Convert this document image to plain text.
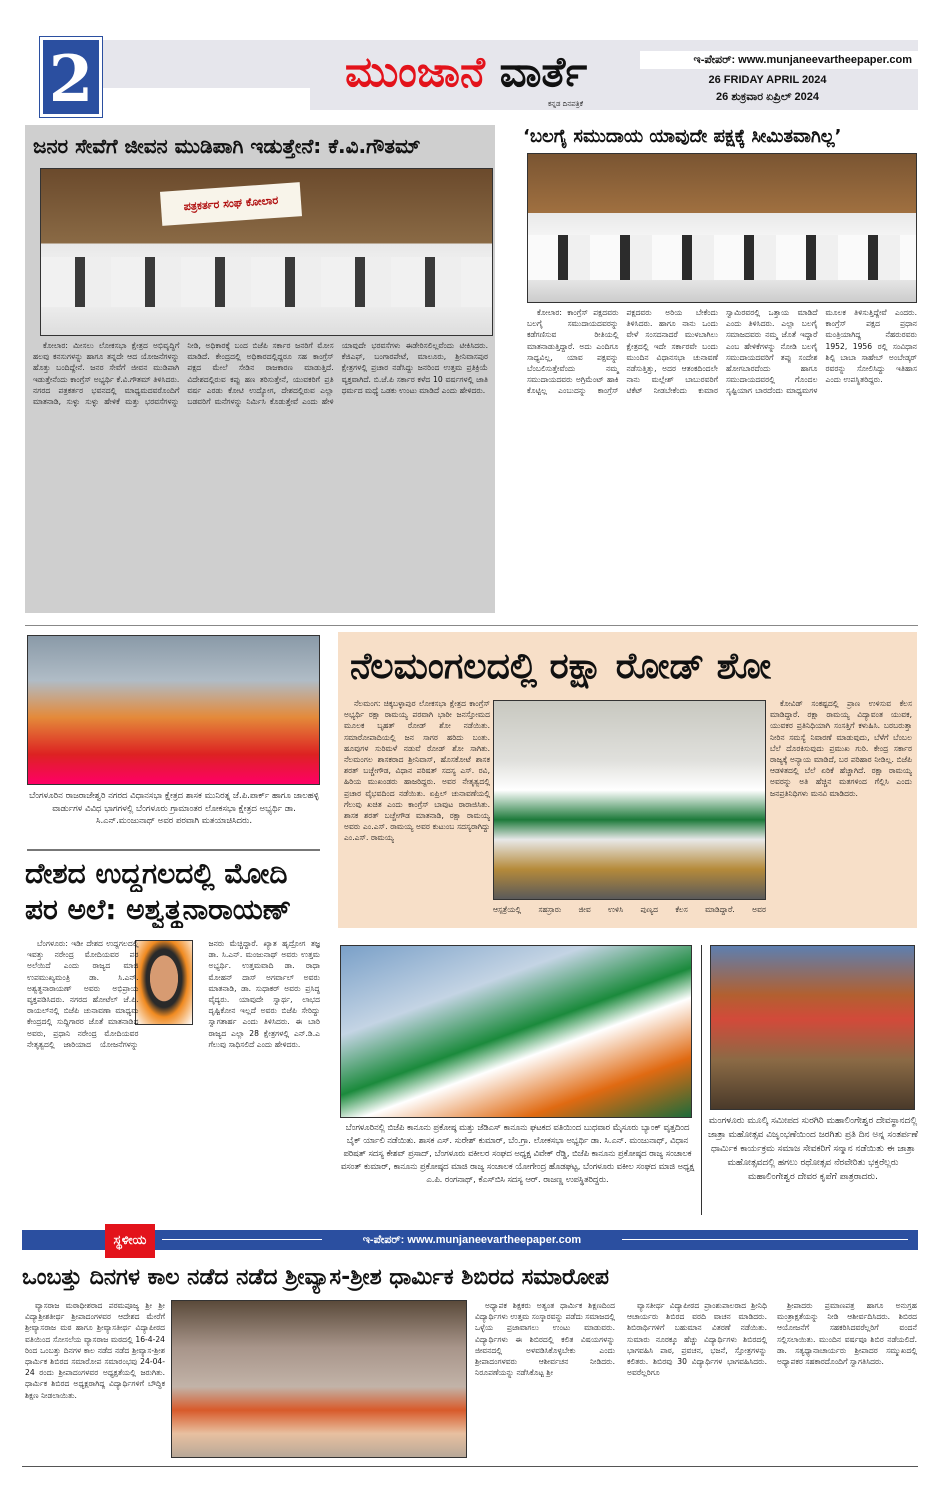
2	ಮುಂಜಾನೆ ವಾರ್ತೆ
ಕನ್ನಡ ದಿನಪತ್ರಿಕೆ
ಇ-ಪೇಪರ್: www.munjaneevartheepaper.com
26 FRIDAY APRIL 2024
26 ಶುಕ್ರವಾರ ಏಪ್ರಿಲ್ 2024
ಜನರ ಸೇವೆಗೆ ಜೀವನ ಮುಡಿಪಾಗಿ ಇಡುತ್ತೇನೆ: ಕೆ.ವಿ.ಗೌತಮ್
ಪತ್ರಕರ್ತರ ಸಂಘ ಕೋಲಾರ

ಕೋಲಾರ: ಮೀಸಲು ಲೋಕಸಭಾ ಕ್ಷೇತ್ರದ ಅಭಿವೃದ್ಧಿಗೆ ಹಲವು ಕನಸುಗಳನ್ನು ಹಾಗೂ ತನ್ನದೇ ಆದ ಯೋಜನೆಗಳನ್ನು ಹೊತ್ತು ಬಂದಿದ್ದೇನೆ. ಜನರ ಸೇವೆಗೆ ಜೀವನ ಮುಡಿಪಾಗಿ ಇಡುತ್ತೇನೆಂದು ಕಾಂಗ್ರೆಸ್ ಅಭ್ಯರ್ಥಿ ಕೆ.ವಿ.ಗೌತಮ್ ತಿಳಿಸಿದರು. ನಗರದ ಪತ್ರಕರ್ತರ ಭವನದಲ್ಲಿ ಮಾಧ್ಯಮದವರೊಂದಿಗೆ ಮಾತನಾಡಿ, ಸುಳ್ಳು ಸುಳ್ಳು ಹೇಳಿಕೆ ಮತ್ತು ಭರವಸೆಗಳನ್ನು ನೀಡಿ, ಅಧಿಕಾರಕ್ಕೆ ಬಂದ ಬಿಜೆಪಿ ಸರ್ಕಾರ ಜನರಿಗೆ ಮೋಸ ಮಾಡಿದೆ. ಕೇಂದ್ರದಲ್ಲಿ ಅಧಿಕಾರದಲ್ಲಿದ್ದರೂ ಸಹ ಕಾಂಗ್ರೆಸ್ ಪಕ್ಷದ ಮೇಲೆ ಸೇಡಿನ ರಾಜಕಾರಣ ಮಾಡುತ್ತಿದೆ. ವಿದೇಶದಲ್ಲಿರುವ ಕಪ್ಪು ಹಣ ತರಿಸುತ್ತೇನೆ, ಯುವಕರಿಗೆ ಪ್ರತಿ ವರ್ಷ ಎರಡು ಕೋಟಿ ಉದ್ಯೋಗ, ದೇಶದಲ್ಲಿರುವ ಎಲ್ಲಾ ಬಡವರಿಗೆ ಮನೆಗಳನ್ನು ನಿರ್ಮಿಸಿ ಕೊಡುತ್ತೇವೆ ಎಂದು ಹೇಳಿ ಯಾವುದೇ ಭರವಸೆಗಳು ಈಡೇರಿಸಲಿಲ್ಲವೆಂದು ಟೀಕಿಸಿದರು. ಕೆಜಿಎಫ್, ಬಂಗಾರಪೇಟೆ, ಮಾಲೂರು, ಶ್ರೀನಿವಾಸಪುರ ಕ್ಷೇತ್ರಗಳಲ್ಲಿ ಪ್ರಚಾರ ನಡೆಸಿದ್ದು ಜನರಿಂದ ಉತ್ತಮ ಪ್ರತಿಕ್ರಿಯೆ ವ್ಯಕ್ತವಾಗಿದೆ. ಬಿ.ಜೆ.ಪಿ ಸರ್ಕಾರ ಕಳೆದ 10 ವರ್ಷಗಳಲ್ಲಿ ಜಾತಿ ಧರ್ಮದ ಮಧ್ಯೆ ಒಡಕು ಉಂಟು ಮಾಡಿದೆ ಎಂದು ಹೇಳಿದರು.

‘ಬಲಗೈ ಸಮುದಾಯ ಯಾವುದೇ ಪಕ್ಷಕ್ಕೆ ಸೀಮಿತವಾಗಿಲ್ಲ’

ಕೋಲಾರ: ಕಾಂಗ್ರೆಸ್ ಪಕ್ಷದವರು ಬಲಗೈ ಸಮುದಾಯದವರನ್ನು ಕಡೆಗಣಿಸುವ ರೀತಿಯಲ್ಲಿ ಮಾತನಾಡುತ್ತಿದ್ದಾರೆ. ಅದು ಎಂದಿಗೂ ಸಾಧ್ಯವಿಲ್ಲ, ಯಾವ ಪಕ್ಷವನ್ನು ಬೆಂಬಲಿಸುತ್ತೇವೆಂದು ನಮ್ಮ ಸಮುದಾಯದವರು ಅಗ್ರಿಮೆಂಟ್ ಹಾಕಿ ಕೊಟ್ಟಿಲ್ಲ ಎಂಬುದನ್ನು ಕಾಂಗ್ರೆಸ್ ಪಕ್ಷದವರು ಅರಿಯ ಬೇಕೆಂದು ತಿಳಿಸಿದರು. ಹಾಗೂ ನಾನು ಒಂದು ವೇಳೆ ಸಂಸದನಾದರೆ ಮುಳಬಾಗಿಲು ಕ್ಷೇತ್ರದಲ್ಲಿ ಇದೇ ಸರ್ಕಾರವೇ ಬಂದು ಮುಂದಿನ ವಿಧಾನಸಭಾ ಚುನಾವಣೆ ನಡೆಸುತ್ತಿತ್ತು, ಅದರ ಆತಂಕದಿಂದಲೇ ನಾನು ಮಲ್ಲೇಶ್ ಬಾಬುರವರಿಗೆ ಟಿಕೆಟ್ ನೀಡಬೇಕೆಂದು ಕುಮಾರ ಸ್ವಾಮಿರವರಲ್ಲಿ ಒತ್ತಾಯ ಮಾಡಿದೆ ಎಂದು ತಿಳಿಸಿದರು. ಎಲ್ಲಾ ಬಲಗೈ ಸಮಾಜದವರು ನಮ್ಮ ಜೊತೆ ಇದ್ದಾರೆ ಎಂಬ ಹೇಳಿಕೆಗಳನ್ನು ನೋಡಿ ಬಲಗೈ ಸಮುದಾಯದವರಿಗೆ ತಪ್ಪು ಸಂದೇಶ ಹೋಗಬಾರದೆಂದು ಹಾಗೂ ಸಮುದಾಯದವರಲ್ಲಿ ಗೊಂದಲ ಸೃಷ್ಟಿಯಾಗ ಬಾರದೆಂದು ಮಾಧ್ಯಮಗಳ ಮೂಲಕ ತಿಳಿಸುತ್ತಿದ್ದೇವೆ ಎಂದರು. ಕಾಂಗ್ರೆಸ್ ಪಕ್ಷದ ಪ್ರಧಾನ ಮಂತ್ರಿಯಾಗಿದ್ದ ನೆಹರುರವರು 1952, 1956 ರಲ್ಲಿ ಸಂವಿಧಾನ ಶಿಲ್ಪಿ ಬಾಬಾ ಸಾಹೇಬ್ ಅಂಬೇಡ್ಕರ್ ರವರನ್ನು ಸೋಲಿಸಿದ್ದು ಇತಿಹಾಸ ಎಂದು ಉಪಸ್ಥಿತರಿದ್ದರು.

ಬೆಂಗಳೂರಿನ ರಾಜರಾಜೇಶ್ವರಿ ನಗರದ ವಿಧಾನಸಭಾ ಕ್ಷೇತ್ರದ ಶಾಸಕ ಮುನಿರತ್ನ ಜೆ.ಪಿ.ಪಾರ್ಕ್ ಹಾಗೂ ಜಾಲಹಳ್ಳಿ ವಾರ್ಡುಗಳ ವಿವಿಧ ಭಾಗಗಳಲ್ಲಿ ಬೆಂಗಳೂರು ಗ್ರಾಮಾಂತರ ಲೋಕಸಭಾ ಕ್ಷೇತ್ರದ ಅಭ್ಯರ್ಥಿ ಡಾ. ಸಿ.ಎನ್.ಮಂಜುನಾಥ್ ಅವರ ಪರವಾಗಿ ಮತಯಾಚಿಸಿದರು.
ದೇಶದ ಉದ್ದಗಲದಲ್ಲಿ ಮೋದಿ
ಪರ ಅಲೆ: ಅಶ್ವತ್ಥನಾರಾಯಣ್

ಬೆಂಗಳೂರು: ಇಡೀ ದೇಶದ ಉದ್ದಗಲದಲ್ಲಿ ಇವತ್ತು ನರೇಂದ್ರ ಮೋದಿಯವರ ಪರ ಅಲೆಯಿದೆ ಎಂದು ರಾಜ್ಯದ ಮಾಜಿ ಉಪಮುಖ್ಯಮಂತ್ರಿ ಡಾ. ಸಿ.ಎನ್. ಅಶ್ವತ್ಥನಾರಾಯಣ್ ಅವರು ಅಭಿಪ್ರಾಯ ವ್ಯಕ್ತಪಡಿಸಿದರು. ನಗರದ ಹೋಟೆಲ್ ಜೆ.ಪಿ. ರಾಯಲ್‌ನಲ್ಲಿ ಬಿಜೆಪಿ ಚುನಾವಣಾ ಮಾಧ್ಯಮ ಕೇಂದ್ರದಲ್ಲಿ ಸುದ್ದಿಗಾರರ ಜೊತೆ ಮಾತನಾಡಿದ ಅವರು, ಪ್ರಧಾನಿ ನರೇಂದ್ರ ಮೋದಿಯವರ ನೇತೃತ್ವದಲ್ಲಿ ಜಾರಿಯಾದ ಯೋಜನೆಗಳನ್ನು ಜನರು ಮೆಚ್ಚಿದ್ದಾರೆ. ಖ್ಯಾತ ಹೃದ್ರೋಗ ತಜ್ಞ ಡಾ. ಸಿ.ಎನ್. ಮಂಜುನಾಥ್ ಅವರು ಉತ್ತಮ ಅಭ್ಯರ್ಥಿ. ಉತ್ತಮವಾದಿ ಡಾ. ರಾಧಾ ಮೋಹನ್ ದಾಸ್ ಅಗರ್ವಾಲ್ ಅವರು ಮಾತನಾಡಿ, ಡಾ. ಸುಧಾಕರ್ ಅವರು ಪ್ರಸಿದ್ಧ ವೈದ್ಯರು. ಯಾವುದೇ ಸ್ವಾರ್ಥ, ಲಾಭದ ದೃಷ್ಟಿಕೋನ ಇಲ್ಲದೆ ಅವರು ಬಿಜೆಪಿ ಸೇರಿದ್ದು ಸ್ವಾಗತಾರ್ಹ ಎಂದು ತಿಳಿಸಿದರು. ಈ ಬಾರಿ ರಾಜ್ಯದ ಎಲ್ಲಾ 28 ಕ್ಷೇತ್ರಗಳಲ್ಲಿ ಎನ್.ಡಿ.ಎ ಗೆಲುವು ಸಾಧಿಸಲಿದೆ ಎಂದು ಹೇಳಿದರು.

ನೆಲಮಂಗಲದಲ್ಲಿ ರಕ್ಷಾ ರೋಡ್ ಶೋ

ನೆಲಮಂಗ: ಚಿಕ್ಕಬಳ್ಳಾಪುರ ಲೋಕಸಭಾ ಕ್ಷೇತ್ರದ ಕಾಂಗ್ರೆಸ್ ಅಭ್ಯರ್ಥಿ ರಕ್ಷಾ ರಾಮಯ್ಯ ಪರವಾಗಿ ಭಾರೀ ಜನಸ್ತೋಮದ ಮೂಲಕ ಬೃಹತ್ ರೋಡ್ ಶೋ ನಡೆಯಿತು. ಸಮಾರೋಪಾದಿಯಲ್ಲಿ ಜನ ಸಾಗರ ಹರಿದು ಬಂತು. ಹೂವುಗಳ ಸುರಿಮಳೆ ನಡುವೆ ರೋಡ್ ಶೋ ಸಾಗಿತು. ನೆಲಮಂಗಲ ಶಾಸಕರಾದ ಶ್ರೀನಿವಾಸ್, ಹೊಸಕೋಟೆ ಶಾಸಕ ಶರತ್ ಬಚ್ಚೇಗೌಡ, ವಿಧಾನ ಪರಿಷತ್ ಸದಸ್ಯ ಎಸ್. ರವಿ, ಹಿರಿಯ ಮುಖಂಡರು ಹಾಜರಿದ್ದರು. ಅವರ ನೇತೃತ್ವದಲ್ಲಿ ಪ್ರಚಾರ ವೈಭವದಿಂದ ನಡೆಯಿತು. ಏಪ್ರಿಲ್ ಚುನಾವಣೆಯಲ್ಲಿ ಗೆಲುವು ಖಚಿತ ಎಂದು ಕಾಂಗ್ರೆಸ್ ಬಾವುಟ ರಾರಾಜಿಸಿತು. ಶಾಸಕ ಶರತ್ ಬಚ್ಚೇಗೌಡ ಮಾತನಾಡಿ, ರಕ್ಷಾ ರಾಮಯ್ಯ ಅವರು ಎಂ.ಎಸ್. ರಾಮಯ್ಯ ಅವರ ಕುಟುಂಬ ಸದಸ್ಯರಾಗಿದ್ದು ಎಂ.ಎಸ್. ರಾಮಯ್ಯ

ಕೋವಿಡ್ ಸಂಕಷ್ಟದಲ್ಲಿ ಪ್ರಾಣ ಉಳಿಸುವ ಕೆಲಸ ಮಾಡಿದ್ದಾರೆ. ರಕ್ಷಾ ರಾಮಯ್ಯ ವಿದ್ಯಾವಂತ ಯುವಕ, ಯುವಕರ ಪ್ರತಿನಿಧಿಯಾಗಿ ಸಂಸತ್ತಿಗೆ ಕಳುಹಿಸಿ. ಬರಬರುತ್ತಾ ನೀರಿನ ಸಮಸ್ಯೆ ನಿವಾರಣೆ ಮಾಡುವುದು, ಬೆಳೆಗೆ ಬೆಂಬಲ ಬೆಲೆ ದೊರಕಿಸುವುದು ಪ್ರಮುಖ ಗುರಿ. ಕೇಂದ್ರ ಸರ್ಕಾರ ರಾಜ್ಯಕ್ಕೆ ಅನ್ಯಾಯ ಮಾಡಿದೆ, ಬರ ಪರಿಹಾರ ನೀಡಿಲ್ಲ. ಬಿಜೆಪಿ ಆಡಳಿತದಲ್ಲಿ ಬೆಲೆ ಏರಿಕೆ ಹೆಚ್ಚಾಗಿದೆ. ರಕ್ಷಾ ರಾಮಯ್ಯ ಅವರನ್ನು ಅತಿ ಹೆಚ್ಚಿನ ಮತಗಳಿಂದ ಗೆಲ್ಲಿಸಿ ಎಂದು ಜನಪ್ರತಿನಿಧಿಗಳು ಮನವಿ ಮಾಡಿದರು.

ಆಸ್ಪತ್ರೆಯಲ್ಲಿ ಸಹಸ್ರಾರು ಜೀವ ಉಳಿಸಿ ಪುಣ್ಯದ ಕೆಲಸ ಮಾಡಿದ್ದಾರೆ. ಅವರ
ಬೆಂಗಳೂರಿನಲ್ಲಿ ಬಿಜೆಪಿ ಕಾನೂನು ಪ್ರಕೋಷ್ಠ ಮತ್ತು ಜೆಡಿಎಸ್ ಕಾನೂನು ಘಟಕದ ವತಿಯಿಂದ ಬುಧವಾರ ಮೈಸೂರು ಬ್ಯಾಂಕ್ ವೃತ್ತದಿಂದ ಬೈಕ್ ರ್ಯಾಲಿ ನಡೆಯಿತು. ಶಾಸಕ ಎಸ್. ಸುರೇಶ್ ಕುಮಾರ್, ಬೆಂ.ಗ್ರಾ. ಲೋಕಸಭಾ ಅಭ್ಯರ್ಥಿ ಡಾ. ಸಿ.ಎನ್. ಮಂಜುನಾಥ್, ವಿಧಾನ ಪರಿಷತ್ ಸದಸ್ಯ ಕೇಶವ್ ಪ್ರಸಾದ್, ಬೆಂಗಳೂರು ವಕೀಲರ ಸಂಘದ ಅಧ್ಯಕ್ಷ ವಿವೇಕ್ ರೆಡ್ಡಿ, ಬಿಜೆಪಿ ಕಾನೂನು ಪ್ರಕೋಷ್ಠದ ರಾಜ್ಯ ಸಂಚಾಲಕ ವಸಂತ್ ಕುಮಾರ್, ಕಾನೂನು ಪ್ರಕೋಷ್ಠದ ಮಾಜಿ ರಾಜ್ಯ ಸಂಚಾಲಕ ಯೋಗೇಂದ್ರ ಹೊಡಘಟ್ಟ, ಬೆಂಗಳೂರು ವಕೀಲ ಸಂಘದ ಮಾಜಿ ಅಧ್ಯಕ್ಷ ಎ.ಪಿ. ರಂಗನಾಥ್, ಕೆಎಸ್‌ಬಿಸಿ ಸದಸ್ಯ ಆರ್. ರಾಜಣ್ಣ ಉಪಸ್ಥಿತರಿದ್ದರು.
ಮಂಗಳೂರು ಮೂಲ್ಕಿ ಸಮೀಪದ ಸುರಗಿರಿ ಮಹಾಲಿಂಗೇಶ್ವರ ದೇವಸ್ಥಾನದಲ್ಲಿ ಜಾತ್ರಾ ಮಹೋತ್ಸವ ವಿಜೃಂಭಣೆಯಿಂದ ಜರಗಿತು ಪ್ರತಿ ದಿನ ಅನ್ನ ಸಂತರ್ಪಣೆ ಧಾರ್ಮಿಕ ಕಾರ್ಯಕ್ರಮ ಸಮಾಜ ಸೇವಕರಿಗೆ ಸನ್ಮಾನ ನಡೆಯಿತು ಈ ಜಾತ್ರಾ ಮಹೋತ್ಸವದಲ್ಲಿ ಹಗಲು ರಥೋತ್ಸವ ನೆರವೇರಿತು ಭಕ್ತರೆಲ್ಲರು ಮಹಾಲಿಂಗೇಶ್ವರ ದೇವರ ಕೃಪೆಗೆ ಪಾತ್ರರಾದರು.
ಇ-ಪೇಪರ್: www.munjaneevartheepaper.com
ಸ್ಥಳೀಯ
ಒಂಬತ್ತು ದಿನಗಳ ಕಾಲ ನಡೆದ ನಡೆದ ಶ್ರೀವ್ಯಾಸ-ಶ್ರೀಶ ಧಾರ್ಮಿಕ ಶಿಬಿರದ ಸಮಾರೋಪ

ವ್ಯಾಸರಾಜ ಮಠಾಧೀಶರಾದ ಪರಮಪೂಜ್ಯ ಶ್ರೀ ಶ್ರೀ ವಿದ್ಯಾಶ್ರೀಶತೀರ್ಥ ಶ್ರೀಪಾದಂಗಳವರ ಆದೇಶದ ಮೇರೆಗೆ ಶ್ರೀವ್ಯಾಸರಾಜ ಮಠ ಹಾಗೂ ಶ್ರೀವ್ಯಾಸತೀರ್ಥ ವಿದ್ಯಾಪೀಠದ ವತಿಯಿಂದ ಸೋಸಲೆಯ ವ್ಯಾಸರಾಜ ಮಠದಲ್ಲಿ 16-4-24 ರಿಂದ ಒಂಬತ್ತು ದಿನಗಳ ಕಾಲ ನಡೆದ ನಡೆದ ಶ್ರೀವ್ಯಾಸ-ಶ್ರೀಶ ಧಾರ್ಮಿಕ ಶಿಬಿರದ ಸಮಾರೋಪ ಸಮಾರಂಭವು 24-04-24 ರಂದು ಶ್ರೀಪಾದಂಗಳವರ ಅಧ್ಯಕ್ಷತೆಯಲ್ಲಿ ಜರುಗಿತು. ಧಾರ್ಮಿಕ ಶಿಬಿರದ ಅಧ್ಯಕ್ಷರಾಗಿದ್ದ ವಿದ್ಯಾರ್ಥಿಗಳಿಗೆ ಬೌದ್ಧಿಕ ಶಿಕ್ಷಣ ನೀಡಲಾಯಿತು.

ಅಧ್ಯಾಪಕ ಶಿಕ್ಷಕರು ಅತ್ಯಂತ ಧಾರ್ಮಿಕ ಶಿಕ್ಷಣದಿಂದ ವಿದ್ಯಾರ್ಥಿಗಳು ಉತ್ತಮ ಸಂಸ್ಕಾರವನ್ನು ಪಡೆದು ಸಮಾಜದಲ್ಲಿ ಒಳ್ಳೆಯ ಪ್ರಜಾವಾಗಲು ಉಂಟು ಮಾಡುವರು. ವಿದ್ಯಾರ್ಥಿಗಳು ಈ ಶಿಬಿರದಲ್ಲಿ ಕಲಿತ ವಿಷಯಗಳನ್ನು ಜೀವನದಲ್ಲಿ ಅಳವಡಿಸಿಕೊಳ್ಳಬೇಕು ಎಂದು ಶ್ರೀಪಾದಂಗಳವರು ಆಶೀರ್ವಚನ ನೀಡಿದರು. ನಿರೂಪಣೆಯನ್ನು ನಡೆಸಿಕೊಟ್ಟ ಶ್ರೀ

ವ್ಯಾಸತೀರ್ಥ ವಿದ್ಯಾಪೀಠದ ಪ್ರಾಂಶುಪಾಲರಾದ ಶ್ರೀನಿಧಿ ಆಚಾರ್ಯರು ಶಿಬಿರದ ವರದಿ ವಾಚನ ಮಾಡಿದರು. ಶಿಬಿರಾರ್ಥಿಗಳಿಗೆ ಬಹುಮಾನ ವಿತರಣೆ ನಡೆಯಿತು. ಸುಮಾರು ನೂರಕ್ಕೂ ಹೆಚ್ಚು ವಿದ್ಯಾರ್ಥಿಗಳು ಶಿಬಿರದಲ್ಲಿ ಭಾಗವಹಿಸಿ ಪಾಠ, ಪ್ರವಚನ, ಭಜನೆ, ಸ್ತೋತ್ರಗಳನ್ನು ಕಲಿತರು. ಶಿಬಿರವು 30 ವಿದ್ಯಾರ್ಥಿಗಳ ಭಾಗವಹಿಸಿದರು. ಅವರೆಲ್ಲರಿಗೂ

ಶ್ರೀಪಾದರು ಪ್ರಮಾಣಪತ್ರ ಹಾಗೂ ಅನುಗ್ರಹ ಮಂತ್ರಾಕ್ಷತೆಯನ್ನು ನೀಡಿ ಆಶೀರ್ವದಿಸಿದರು. ಶಿಬಿರದ ಆಯೋಜನೆಗೆ ಸಹಕರಿಸಿದವರೆಲ್ಲರಿಗೆ ವಂದನೆ ಸಲ್ಲಿಸಲಾಯಿತು. ಮುಂದಿನ ವರ್ಷವೂ ಶಿಬಿರ ನಡೆಯಲಿದೆ. ಡಾ. ಸತ್ಯಧ್ಯಾನಾಚಾರ್ಯರು ಶ್ರೀಪಾದರ ಸಮ್ಮುಖದಲ್ಲಿ ಅಧ್ಯಾಪಕರ ಸಹಕಾರದೊಂದಿಗೆ ಸ್ವಾಗತಿಸಿದರು.
